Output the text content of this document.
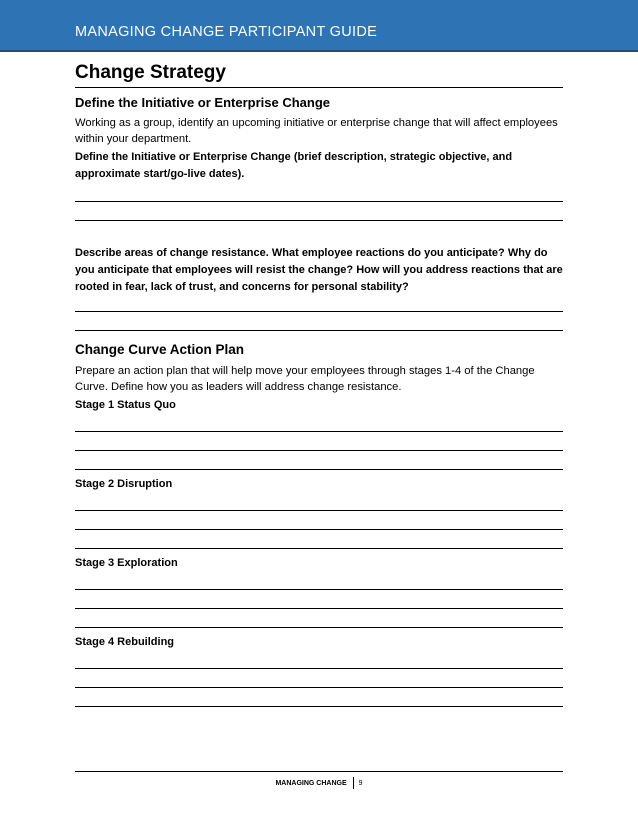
MANAGING CHANGE PARTICIPANT GUIDE
Change Strategy
Define the Initiative or Enterprise Change

Working as a group, identify an upcoming initiative or enterprise change that will affect employees within your department.

Define the Initiative or Enterprise Change (brief description, strategic objective, and approximate start/go-live dates).

Describe areas of change resistance. What employee reactions do you anticipate? Why do you anticipate that employees will resist the change? How will you address reactions that are rooted in fear, lack of trust, and concerns for personal stability?

Change Curve Action Plan

Prepare an action plan that will help move your employees through stages 1-4 of the Change Curve. Define how you as leaders will address change resistance.

Stage 1 Status Quo

Stage 2 Disruption

Stage 3 Exploration

Stage 4 Rebuilding

MANAGING CHANGE 9
